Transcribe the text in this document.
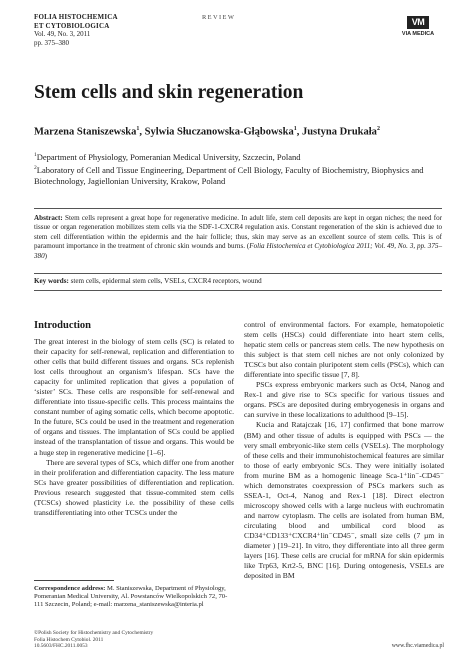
FOLIA HISTOCHEMICA
ET CYTOBIOLOGICA
Vol. 49, No. 3, 2011
pp. 375–380
REVIEW	VM
VIA MEDICA
Stem cells and skin regeneration
Marzena Staniszewska$^1$, Sylwia Słuczanowska-Głąbowska$^1$, Justyna Drukała$^2$
$^1$Department of Physiology, Pomeranian Medical University, Szczecin, Poland
$^2$Laboratory of Cell and Tissue Engineering, Department of Cell Biology, Faculty of Biochemistry, Biophysics and Biotechnology, Jagiellonian University, Krakow, Poland
Abstract: Stem cells represent a great hope for regenerative medicine. In adult life, stem cell deposits are kept in organ niches; the need for tissue or organ regeneration mobilizes stem cells via the SDF-1-CXCR4 regulation axis. Constant regeneration of the skin is achieved due to stem cell differentiation within the epidermis and the hair follicle; thus, skin may serve as an excellent source of stem cells. This is of paramount importance in the treatment of chronic skin wounds and burns. (Folia Histochemica et Cytobiologica 2011; Vol. 49, No. 3, pp. 375–380)
Key words: stem cells, epidermal stem cells, VSELs, CXCR4 receptors, wound
Introduction

The great interest in the biology of stem cells (SC) is related to their capacity for self-renewal, replication and differentiation to other cells that build different tissues and organs. SCs replenish lost cells throughout an organism’s lifespan. SCs have the capacity for unlimited replication that gives a population of ‘sister’ SCs. These cells are responsible for self-renewal and differentiate into tissue-specific cells. This process maintains the constant number of aging somatic cells, which become apoptotic. In the future, SCs could be used in the treatment and regeneration of organs and tissues. The implantation of SCs could be applied instead of the transplantation of tissue and organs. This would be a huge step in regenerative medicine [1–6].

There are several types of SCs, which differ one from another in their proliferation and differentiation capacity. The less mature SCs have greater possibilities of differentiation and replication. Previous research suggested that tissue-commited stem cells (TCSCs) showed plasticity i.e. the possibility of these cells transdifferentiating into other TCSCs under the

control of environmental factors. For example, hematopoietic stem cells (HSCs) could differentiate into heart stem cells, hepatic stem cells or pancreas stem cells. The new hypothesis on this subject is that stem cell niches are not only colonized by TCSCs but also contain pluripotent stem cells (PSCs), which can differentiate into specific tissue [7, 8].

PSCs express embryonic markers such as Oct4, Nanog and Rex-1 and give rise to SCs specific for various tissues and organs. PSCs are deposited during embryogenesis in organs and can survive in these localizations to adulthood [9–15].

Kucia and Ratajczak [16, 17] confirmed that bone marrow (BM) and other tissue of adults is equipped with PSCs — the very small embryonic-like stem cells (VSELs). The morphology of these cells and their immunohistochemical features are similar to those of early embryonic SCs. They were initially isolated from murine BM as a homogenic lineage Sca-1⁺lin⁻-CD45⁻ which demonstrates coexpression of PSCs markers such as SSEA-1, Oct-4, Nanog and Rex-1 [18]. Direct electron microscopy showed cells with a large nucleus with euchromatin and narrow cytoplasm. The cells are isolated from human BM, circulating blood and umbilical cord blood as CD34⁺CD133⁺CXCR4⁺lin⁻CD45⁻, small size cells (7 µm in diameter ) [19–21]. In vitro, they differentiate into all three germ layers [16]. These cells are crucial for mRNA for skin epidermis like Trp63, Krt2-5, BNC [16]. During ontogenesis, VSELs are deposited in BM

Correspondence address: M. Staniszewska, Department of Physiology, Pomeranian Medical University, Al. Powstanców Wielkopolskich 72, 70-111 Szczecin, Poland; e-mail: marzena_staniszewska@interia.pl
©Polish Society for Histochemistry and Cytochemistry
Folia Histochem Cytobiol. 2011
10.5603/FHC.2011.0053	www.fhc.viamedica.pl
